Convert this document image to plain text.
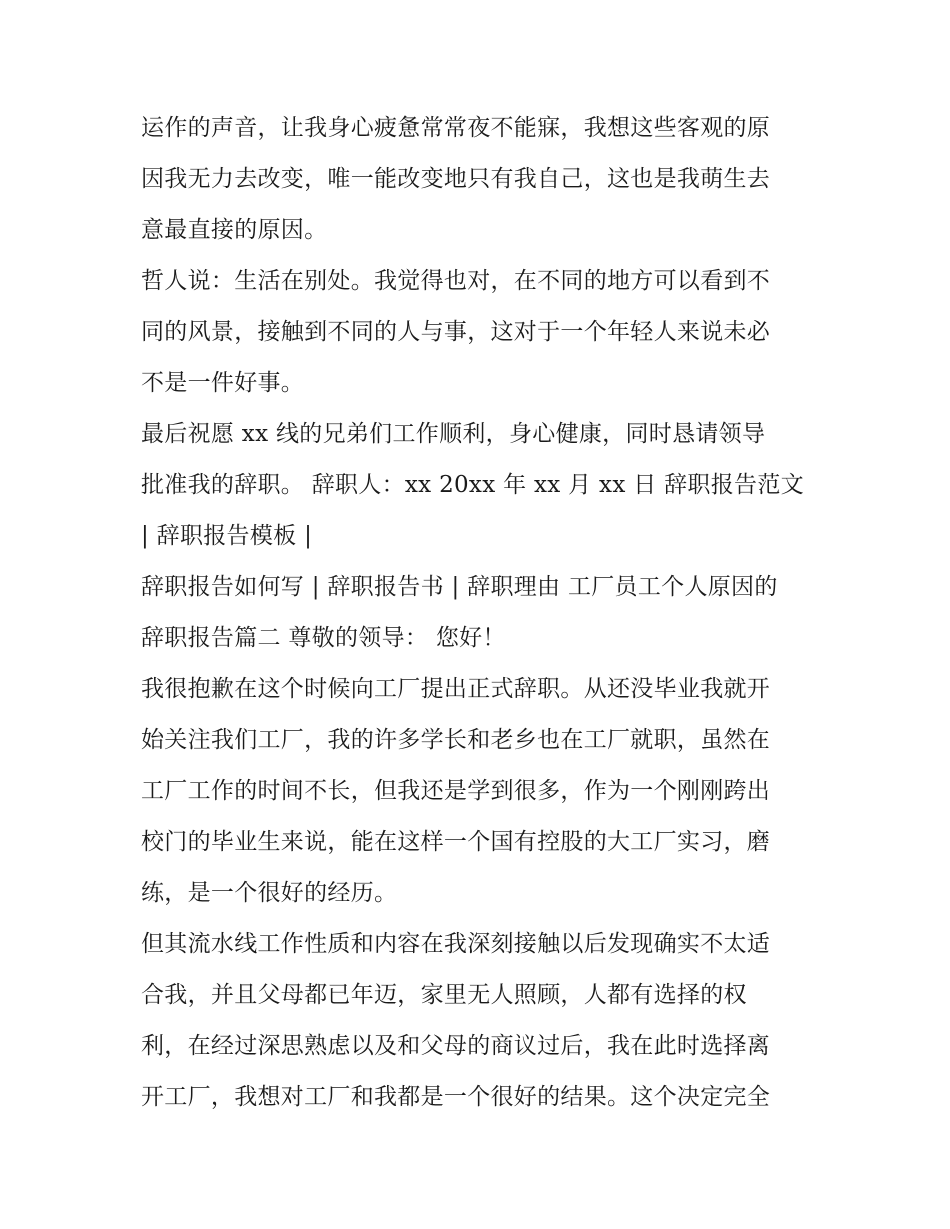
运作的声音，让我身心疲惫常常夜不能寐，我想这些客观的原
因我无力去改变，唯一能改变地只有我自己，这也是我萌生去
意最直接的原因。
哲人说：生活在别处。我觉得也对，在不同的地方可以看到不
同的风景，接触到不同的人与事，这对于一个年轻人来说未必
不是一件好事。
最后祝愿 xx 线的兄弟们工作顺利，身心健康，同时恳请领导
批准我的辞职。 辞职人：xx 20xx 年 xx 月 xx 日 辞职报告范文
| 辞职报告模板 |
辞职报告如何写 | 辞职报告书 | 辞职理由 工厂员工个人原因的
辞职报告篇二 尊敬的领导： 您好！
我很抱歉在这个时候向工厂提出正式辞职。从还没毕业我就开
始关注我们工厂，我的许多学长和老乡也在工厂就职，虽然在
工厂工作的时间不长，但我还是学到很多，作为一个刚刚跨出
校门的毕业生来说，能在这样一个国有控股的大工厂实习，磨
练，是一个很好的经历。
但其流水线工作性质和内容在我深刻接触以后发现确实不太适
合我，并且父母都已年迈，家里无人照顾，人都有选择的权
利，在经过深思熟虑以及和父母的商议过后，我在此时选择离
开工厂，我想对工厂和我都是一个很好的结果。这个决定完全
